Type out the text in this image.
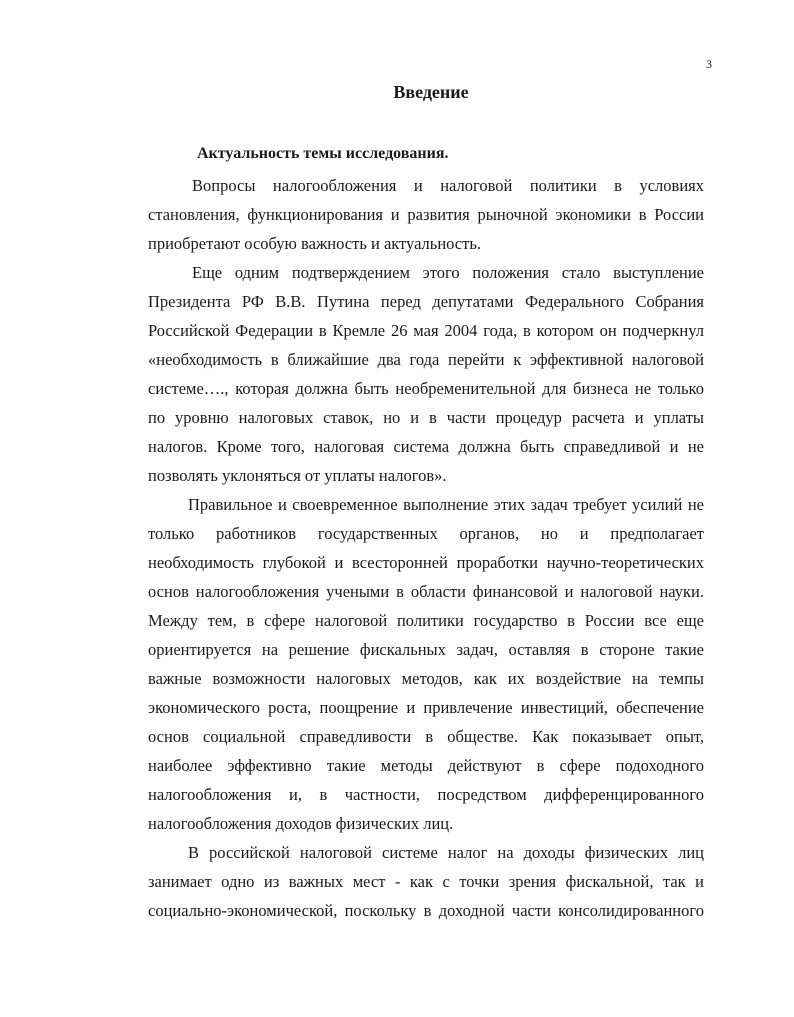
3
Введение
Актуальность темы исследования.
Вопросы налогообложения и налоговой политики в условиях
становления, функционирования и развития рыночной экономики в России
приобретают особую важность и актуальность.
Еще одним подтверждением этого положения стало выступление
Президента РФ В.В. Путина перед депутатами Федерального Собрания
Российской Федерации в Кремле 26 мая 2004 года, в котором он подчеркнул
«необходимость в ближайшие два года перейти к эффективной налоговой
системе…., которая должна быть необременительной для бизнеса не только
по уровню налоговых ставок, но и в части процедур расчета и уплаты
налогов. Кроме того, налоговая система должна быть справедливой и не
позволять уклоняться от уплаты налогов».
Правильное и своевременное выполнение этих задач требует усилий не
только работников государственных органов, но и предполагает
необходимость глубокой и всесторонней проработки научно-теоретических
основ налогообложения учеными в области финансовой и налоговой науки.
Между тем, в сфере налоговой политики государство в России все еще
ориентируется на решение фискальных задач, оставляя в стороне такие
важные возможности налоговых методов, как их воздействие на темпы
экономического роста, поощрение и привлечение инвестиций, обеспечение
основ социальной справедливости в обществе. Как показывает опыт,
наиболее эффективно такие методы действуют в сфере подоходного
налогообложения и, в частности, посредством дифференцированного
налогообложения доходов физических лиц.
В российской налоговой системе налог на доходы физических лиц
занимает одно из важных мест - как с точки зрения фискальной, так и
социально-экономической, поскольку в доходной части консолидированного
